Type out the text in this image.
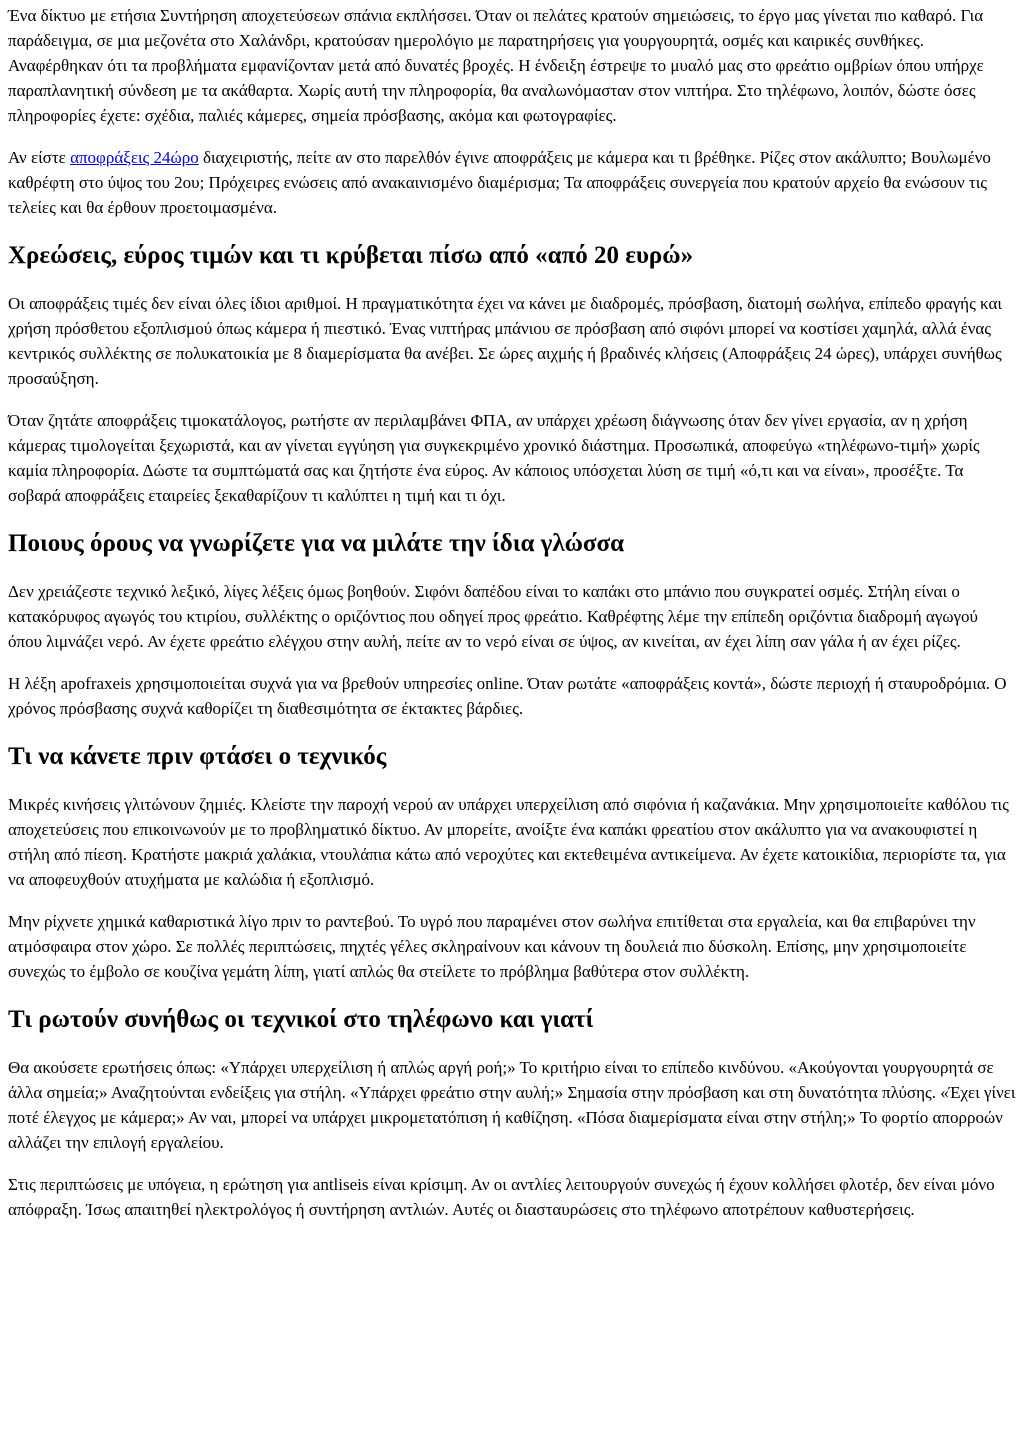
Ένα δίκτυο με ετήσια Συντήρηση αποχετεύσεων σπάνια εκπλήσσει. Όταν οι πελάτες κρατούν σημειώσεις, το έργο μας γίνεται πιο καθαρό. Για παράδειγμα, σε μια μεζονέτα στο Χαλάνδρι, κρατούσαν ημερολόγιο με παρατηρήσεις για γουργουρητά, οσμές και καιρικές συνθήκες. Αναφέρθηκαν ότι τα προβλήματα εμφανίζονταν μετά από δυνατές βροχές. Η ένδειξη έστρεψε το μυαλό μας στο φρεάτιο ομβρίων όπου υπήρχε παραπλανητική σύνδεση με τα ακάθαρτα. Χωρίς αυτή την πληροφορία, θα αναλωνόμασταν στον νιπτήρα. Στο τηλέφωνο, λοιπόν, δώστε όσες πληροφορίες έχετε: σχέδια, παλιές κάμερες, σημεία πρόσβασης, ακόμα και φωτογραφίες.

Αν είστε αποφράξεις 24ώρο διαχειριστής, πείτε αν στο παρελθόν έγινε αποφράξεις με κάμερα και τι βρέθηκε. Ρίζες στον ακάλυπτο; Βουλωμένο καθρέφτη στο ύψος του 2ου; Πρόχειρες ενώσεις από ανακαινισμένο διαμέρισμα; Τα αποφράξεις συνεργεία που κρατούν αρχείο θα ενώσουν τις τελείες και θα έρθουν προετοιμασμένα.

Χρεώσεις, εύρος τιμών και τι κρύβεται πίσω από «από 20 ευρώ»

Οι αποφράξεις τιμές δεν είναι όλες ίδιοι αριθμοί. Η πραγματικότητα έχει να κάνει με διαδρομές, πρόσβαση, διατομή σωλήνα, επίπεδο φραγής και χρήση πρόσθετου εξοπλισμού όπως κάμερα ή πιεστικό. Ένας νιπτήρας μπάνιου σε πρόσβαση από σιφόνι μπορεί να κοστίσει χαμηλά, αλλά ένας κεντρικός συλλέκτης σε πολυκατοικία με 8 διαμερίσματα θα ανέβει. Σε ώρες αιχμής ή βραδινές κλήσεις (Αποφράξεις 24 ώρες), υπάρχει συνήθως προσαύξηση.

Όταν ζητάτε αποφράξεις τιμοκατάλογος, ρωτήστε αν περιλαμβάνει ΦΠΑ, αν υπάρχει χρέωση διάγνωσης όταν δεν γίνει εργασία, αν η χρήση κάμερας τιμολογείται ξεχωριστά, και αν γίνεται εγγύηση για συγκεκριμένο χρονικό διάστημα. Προσωπικά, αποφεύγω «τηλέφωνο-τιμή» χωρίς καμία πληροφορία. Δώστε τα συμπτώματά σας και ζητήστε ένα εύρος. Αν κάποιος υπόσχεται λύση σε τιμή «ό,τι και να είναι», προσέξτε. Τα σοβαρά αποφράξεις εταιρείες ξεκαθαρίζουν τι καλύπτει η τιμή και τι όχι.

Ποιους όρους να γνωρίζετε για να μιλάτε την ίδια γλώσσα

Δεν χρειάζεστε τεχνικό λεξικό, λίγες λέξεις όμως βοηθούν. Σιφόνι δαπέδου είναι το καπάκι στο μπάνιο που συγκρατεί οσμές. Στήλη είναι ο κατακόρυφος αγωγός του κτιρίου, συλλέκτης ο οριζόντιος που οδηγεί προς φρεάτιο. Καθρέφτης λέμε την επίπεδη οριζόντια διαδρομή αγωγού όπου λιμνάζει νερό. Αν έχετε φρεάτιο ελέγχου στην αυλή, πείτε αν το νερό είναι σε ύψος, αν κινείται, αν έχει λίπη σαν γάλα ή αν έχει ρίζες.

Η λέξη apofraxeis χρησιμοποιείται συχνά για να βρεθούν υπηρεσίες online. Όταν ρωτάτε «αποφράξεις κοντά», δώστε περιοχή ή σταυροδρόμια. Ο χρόνος πρόσβασης συχνά καθορίζει τη διαθεσιμότητα σε έκτακτες βάρδιες.

Τι να κάνετε πριν φτάσει ο τεχνικός

Μικρές κινήσεις γλιτώνουν ζημιές. Κλείστε την παροχή νερού αν υπάρχει υπερχείλιση από σιφόνια ή καζανάκια. Μην χρησιμοποιείτε καθόλου τις αποχετεύσεις που επικοινωνούν με το προβληματικό δίκτυο. Αν μπορείτε, ανοίξτε ένα καπάκι φρεατίου στον ακάλυπτο για να ανακουφιστεί η στήλη από πίεση. Κρατήστε μακριά χαλάκια, ντουλάπια κάτω από νεροχύτες και εκτεθειμένα αντικείμενα. Αν έχετε κατοικίδια, περιορίστε τα, για να αποφευχθούν ατυχήματα με καλώδια ή εξοπλισμό.

Μην ρίχνετε χημικά καθαριστικά λίγο πριν το ραντεβού. Το υγρό που παραμένει στον σωλήνα επιτίθεται στα εργαλεία, και θα επιβαρύνει την ατμόσφαιρα στον χώρο. Σε πολλές περιπτώσεις, πηχτές γέλες σκληραίνουν και κάνουν τη δουλειά πιο δύσκολη. Επίσης, μην χρησιμοποιείτε συνεχώς το έμβολο σε κουζίνα γεμάτη λίπη, γιατί απλώς θα στείλετε το πρόβλημα βαθύτερα στον συλλέκτη.

Τι ρωτούν συνήθως οι τεχνικοί στο τηλέφωνο και γιατί

Θα ακούσετε ερωτήσεις όπως: «Υπάρχει υπερχείλιση ή απλώς αργή ροή;» Το κριτήριο είναι το επίπεδο κινδύνου. «Ακούγονται γουργουρητά σε άλλα σημεία;» Αναζητούνται ενδείξεις για στήλη. «Υπάρχει φρεάτιο στην αυλή;» Σημασία στην πρόσβαση και στη δυνατότητα πλύσης. «Έχει γίνει ποτέ έλεγχος με κάμερα;» Αν ναι, μπορεί να υπάρχει μικρομετατόπιση ή καθίζηση. «Πόσα διαμερίσματα είναι στην στήλη;» Το φορτίο απορροών αλλάζει την επιλογή εργαλείου.

Στις περιπτώσεις με υπόγεια, η ερώτηση για antliseis είναι κρίσιμη. Αν οι αντλίες λειτουργούν συνεχώς ή έχουν κολλήσει φλοτέρ, δεν είναι μόνο απόφραξη. Ίσως απαιτηθεί ηλεκτρολόγος ή συντήρηση αντλιών. Αυτές οι διασταυρώσεις στο τηλέφωνο αποτρέπουν καθυστερήσεις.
